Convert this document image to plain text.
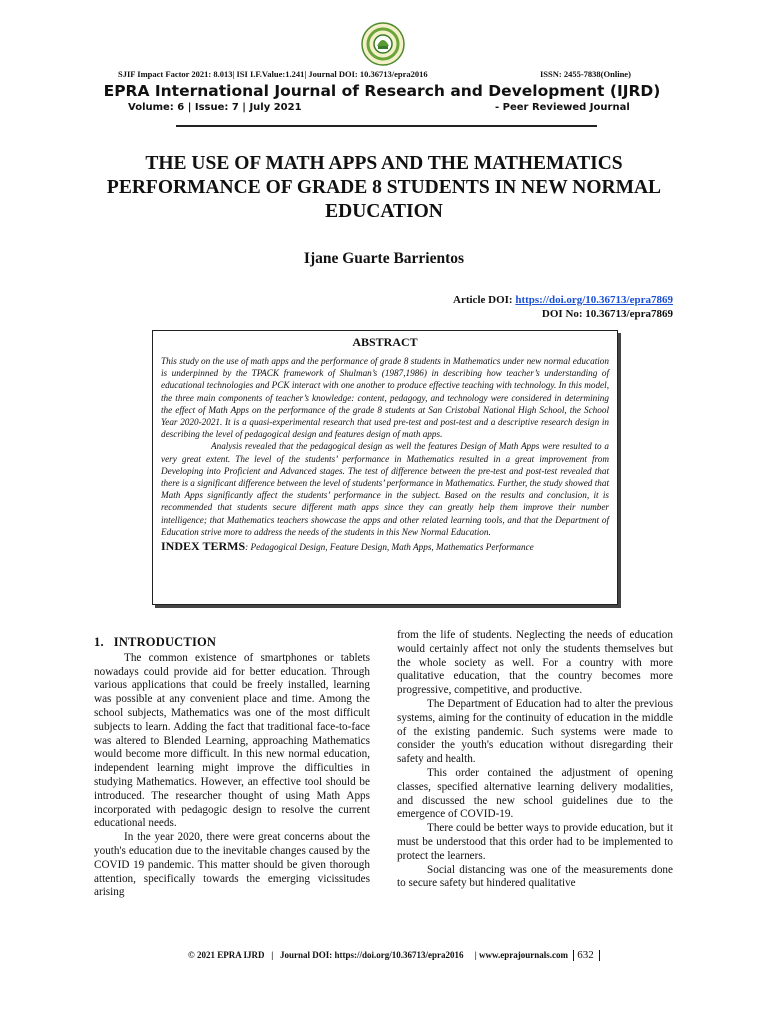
SJIF Impact Factor 2021: 8.013| ISI I.F.Value:1.241| Journal DOI: 10.36713/epra2016	ISSN: 2455-7838(Online)
EPRA International Journal of Research and Development (IJRD)
Volume: 6 | Issue: 7 | July 2021	- Peer Reviewed Journal
THE USE OF MATH APPS AND THE MATHEMATICS PERFORMANCE OF GRADE 8 STUDENTS IN NEW NORMAL EDUCATION
Ijane Guarte Barrientos
Article DOI: https://doi.org/10.36713/epra7869
DOI No: 10.36713/epra7869
ABSTRACT

This study on the use of math apps and the performance of grade 8 students in Mathematics under new normal education is underpinned by the TPACK framework of Shulman’s (1987,1986) in describing how teacher’s understanding of educational technologies and PCK interact with one another to produce effective teaching with technology. In this model, the three main components of teacher’s knowledge: content, pedagogy, and technology were considered in determining the effect of Math Apps on the performance of the grade 8 students at San Cristobal National High School, the School Year 2020-2021. It is a quasi-experimental research that used pre-test and post-test and a descriptive research design in describing the level of pedagogical design and features design of math apps.

Analysis revealed that the pedagogical design as well the features Design of Math Apps were resulted to a very great extent. The level of the students’ performance in Mathematics resulted in a great improvement from Developing into Proficient and Advanced stages. The test of difference between the pre-test and post-test revealed that there is a significant difference between the level of students’ performance in Mathematics. Further, the study showed that Math Apps significantly affect the students’ performance in the subject. Based on the results and conclusion, it is recommended that students secure different math apps since they can greatly help them improve their number intelligence; that Mathematics teachers showcase the apps and other related learning tools, and that the Department of Education strive more to address the needs of the students in this New Normal Education.

INDEX TERMS: Pedagogical Design, Feature Design, Math Apps, Mathematics Performance
1.   INTRODUCTION

The common existence of smartphones or tablets nowadays could provide aid for better education. Through various applications that could be freely installed, learning was possible at any convenient place and time. Among the school subjects, Mathematics was one of the most difficult subjects to learn. Adding the fact that traditional face-to-face was altered to Blended Learning, approaching Mathematics would become more difficult. In this new normal education, independent learning might improve the difficulties in studying Mathematics. However, an effective tool should be introduced. The researcher thought of using Math Apps incorporated with pedagogic design to resolve the current educational needs.

In the year 2020, there were great concerns about the youth's education due to the inevitable changes caused by the COVID 19 pandemic. This matter should be given thorough attention, specifically towards the emerging vicissitudes arising

from the life of students. Neglecting the needs of education would certainly affect not only the students themselves but the whole society as well. For a country with more qualitative education, that the country becomes more progressive, competitive, and productive.

The Department of Education had to alter the previous systems, aiming for the continuity of education in the middle of the existing pandemic. Such systems were made to consider the youth's education without disregarding their safety and health.

This order contained the adjustment of opening classes, specified alternative learning delivery modalities, and discussed the new school guidelines due to the emergence of COVID-19.

There could be better ways to provide education, but it must be understood that this order had to be implemented to protect the learners.

Social distancing was one of the measurements done to secure safety but hindered qualitative

© 2021 EPRA IJRD | Journal DOI: https://doi.org/10.36713/epra2016 | www.eprajournals.com 632
